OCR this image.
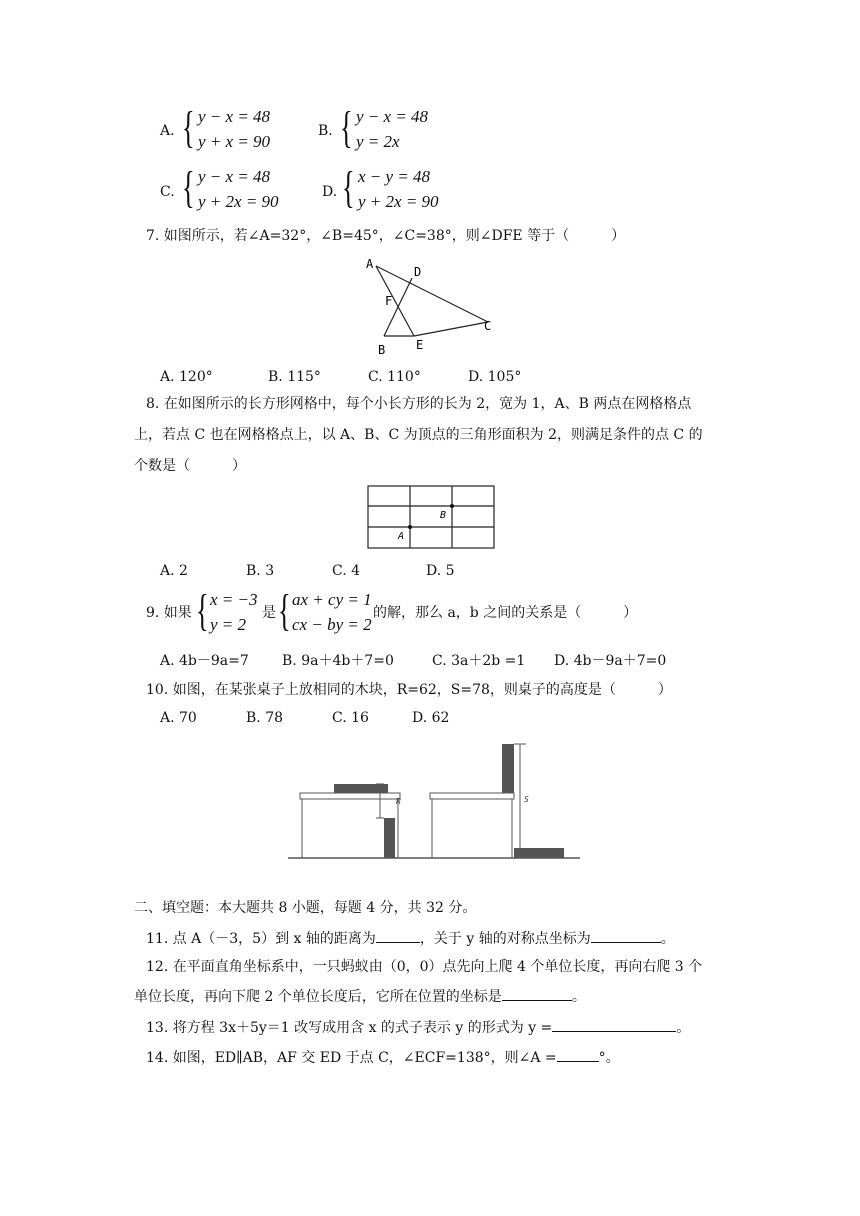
A. { y − x = 48
y + x = 90
B. { y − x = 48
y = 2x
C. { y − x = 48
y + 2x = 90	D. { x − y = 48
y + 2x = 90
7. 如图所示，若∠A=32°，∠B=45°，∠C=38°，则∠DFE 等于（　　　）
A
D
F
C
B	E
A. 120°	B. 115°	C. 110°	D. 105°
8. 在如图所示的长方形网格中，每个小长方形的长为 2，宽为 1，A、B 两点在网格格点
上，若点 C 也在网格格点上，以 A、B、C 为顶点的三角形面积为 2，则满足条件的点 C 的
个数是（　　　）
B
A
A. 2	B. 3	C. 4	D. 5
9. 如果 { x = −3
y = 2
是 { ax + cy = 1
cx − by = 2
的解，那么 a，b 之间的关系是（　　　）
A. 4b－9a=7 B. 9a＋4b＋7=0	C. 3a＋2b =1 D. 4b－9a＋7=0
10. 如图，在某张桌子上放相同的木块，R=62，S=78，则桌子的高度是（　　　）
A. 70	B. 78	C. 16	D. 62
R	S
二、填空题：本大题共 8 小题，每题 4 分，共 32 分。
11. 点 A（－3，5）到 x 轴的距离为	，关于 y 轴的对称点坐标为	。
12. 在平面直角坐标系中，一只蚂蚁由（0，0）点先向上爬 4 个单位长度，再向右爬 3 个
单位长度，再向下爬 2 个单位长度后，它所在位置的坐标是	。
13. 将方程 3x＋5y＝1 改写成用含 x 的式子表示 y 的形式为 y =	。
14. 如图，ED∥AB，AF 交 ED 于点 C，∠ECF=138°，则∠A =	°。
